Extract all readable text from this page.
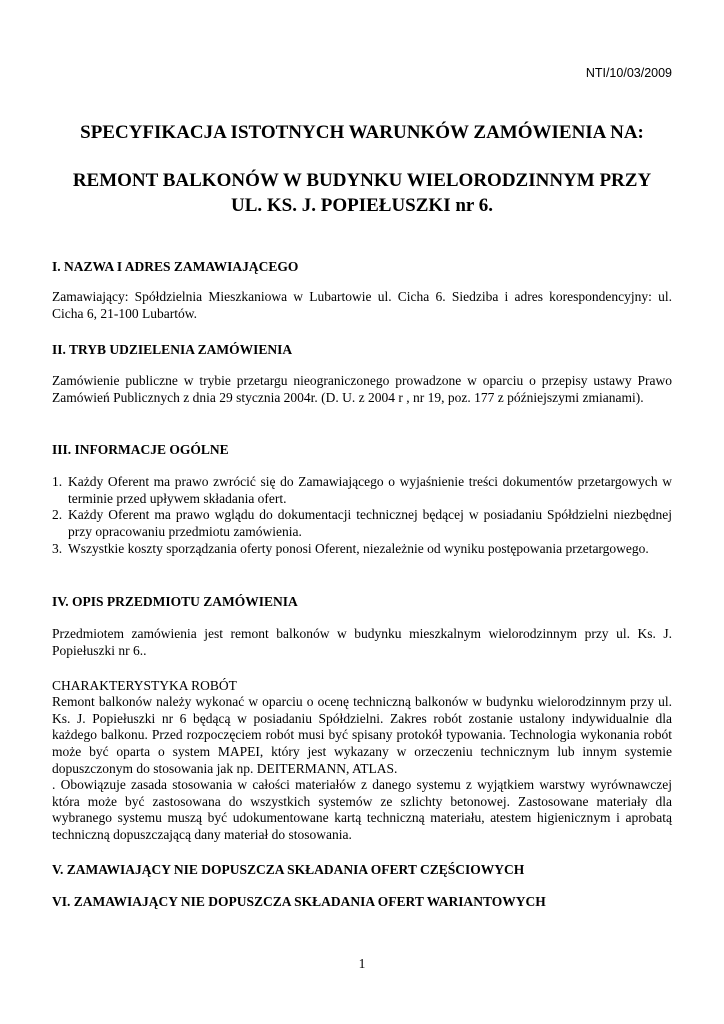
NTI/10/03/2009
SPECYFIKACJA ISTOTNYCH WARUNKÓW ZAMÓWIENIA NA:
REMONT BALKONÓW W BUDYNKU WIELORODZINNYM PRZY
UL. KS. J. POPIEŁUSZKI nr 6.
I. NAZWA I ADRES ZAMAWIAJĄCEGO
Zamawiający: Spółdzielnia Mieszkaniowa w Lubartowie ul. Cicha 6. Siedziba i adres korespondencyjny: ul. Cicha 6, 21-100 Lubartów.
II. TRYB UDZIELENIA ZAMÓWIENIA
Zamówienie publiczne w trybie przetargu nieograniczonego prowadzone w oparciu o przepisy ustawy Prawo Zamówień Publicznych z dnia 29 stycznia 2004r. (D. U. z 2004 r , nr 19, poz. 177 z późniejszymi zmianami).
III. INFORMACJE OGÓLNE
1. Każdy Oferent ma prawo zwrócić się do Zamawiającego o wyjaśnienie treści dokumentów przetargowych w terminie przed upływem składania ofert.
2. Każdy Oferent ma prawo wglądu do dokumentacji technicznej będącej w posiadaniu Spółdzielni niezbędnej przy opracowaniu przedmiotu zamówienia.
3. Wszystkie koszty sporządzania oferty ponosi Oferent, niezależnie od wyniku postępowania przetargowego.
IV. OPIS PRZEDMIOTU ZAMÓWIENIA
Przedmiotem zamówienia jest remont balkonów w budynku mieszkalnym wielorodzinnym przy ul. Ks. J. Popiełuszki nr 6..
CHARAKTERYSTYKA ROBÓT
Remont balkonów należy wykonać w oparciu o ocenę techniczną balkonów w budynku wielorodzinnym przy ul. Ks. J. Popiełuszki nr 6 będącą w posiadaniu Spółdzielni. Zakres robót zostanie ustalony indywidualnie dla każdego balkonu. Przed rozpoczęciem robót musi być spisany protokół typowania. Technologia wykonania robót może być oparta o system MAPEI, który jest wykazany w orzeczeniu technicznym lub innym systemie dopuszczonym do stosowania jak np. DEITERMANN, ATLAS.
. Obowiązuje zasada stosowania w całości materiałów z danego systemu z wyjątkiem warstwy wyrównawczej która może być zastosowana do wszystkich systemów ze szlichty betonowej. Zastosowane materiały dla wybranego systemu muszą być udokumentowane kartą techniczną materiału, atestem higienicznym i aprobatą techniczną dopuszczającą dany materiał do stosowania.
V. ZAMAWIAJĄCY NIE DOPUSZCZA SKŁADANIA OFERT CZĘŚCIOWYCH
VI. ZAMAWIAJĄCY NIE DOPUSZCZA SKŁADANIA OFERT WARIANTOWYCH
1
